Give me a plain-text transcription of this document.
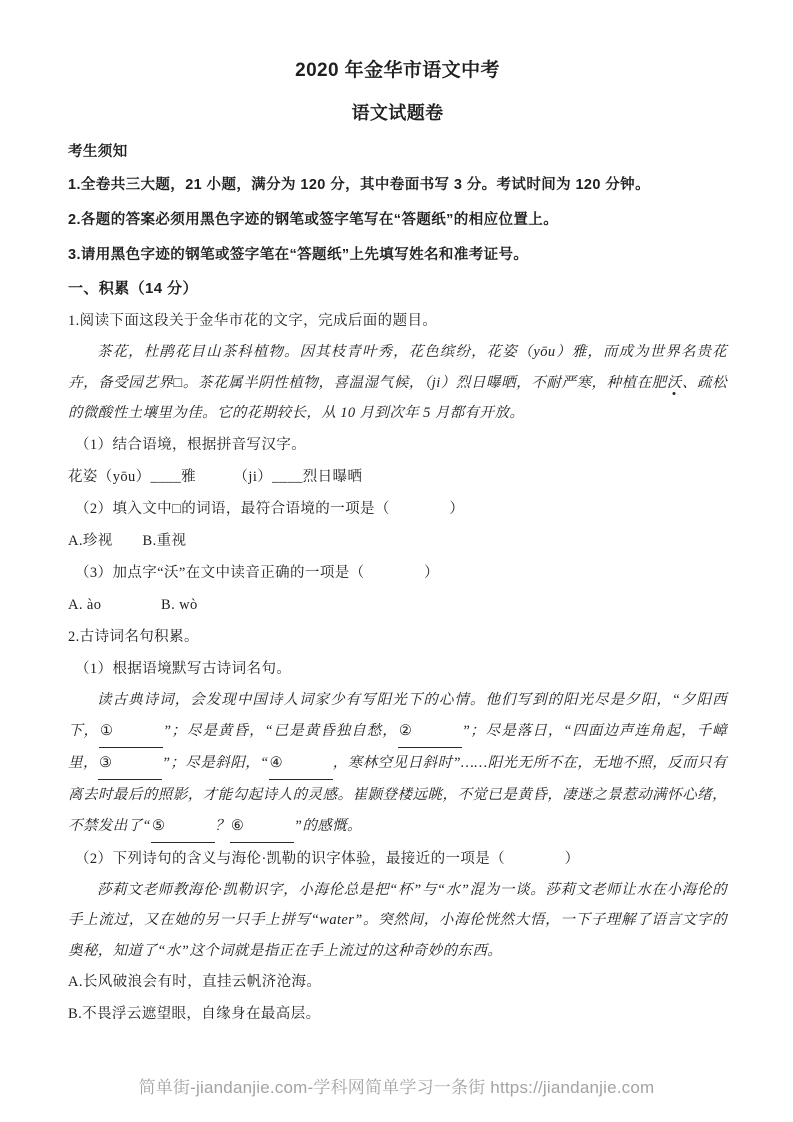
2020 年金华市语文中考
语文试题卷

考生须知

1.全卷共三大题，21 小题，满分为 120 分，其中卷面书写 3 分。考试时间为 120 分钟。

2.各题的答案必须用黑色字迹的钢笔或签字笔写在“答题纸”的相应位置上。

3.请用黑色字迹的钢笔或签字笔在“答题纸”上先填写姓名和准考证号。

一、积累（14 分）

1.阅读下面这段关于金华市花的文字，完成后面的题目。

茶花，杜鹃花目山茶科植物。因其枝青叶秀，花色缤纷，花姿（yōu）雅，而成为世界名贵花卉，备受园艺界□。茶花属半阴性植物，喜温湿气候，（ji）烈日曝晒，不耐严寒，种植在肥沃、疏松的微酸性土壤里为佳。它的花期较长，从 10 月到次年 5 月都有开放。

（1）结合语境，根据拼音写汉字。

花姿（yōu）____雅　　　（ji）____烈日曝晒

（2）填入文中□的词语，最符合语境的一项是（　　　　）

A.珍视　　B.重视

（3）加点字“沃”在文中读音正确的一项是（　　　　）

A. ào　　　　B. wò

2.古诗词名句积累。

（1）根据语境默写古诗词名句。

读古典诗词，会发现中国诗人词家少有写阳光下的心情。他们写到的阳光尽是夕阳，“夕阳西下，①	”；尽是黄昏，“已是黄昏独自愁，②	”；尽是落日，“四面边声连角起，千嶂里，③	”；尽是斜阳，“④	，寒林空见日斜时”……阳光无所不在，无地不照，反而只有离去时最后的照影，才能勾起诗人的灵感。崔颢登楼远眺，不觉已是黄昏，凄迷之景惹动满怀心绪，不禁发出了“⑤	？⑥	”的感慨。

（2）下列诗句的含义与海伦·凯勒的识字体验，最接近的一项是（　　　　）

莎莉文老师教海伦·凯勒识字，小海伦总是把“杯”与“水”混为一谈。莎莉文老师让水在小海伦的手上流过，又在她的另一只手上拼写“water”。突然间，小海伦恍然大悟，一下子理解了语言文字的奥秘，知道了“水”这个词就是指正在手上流过的这种奇妙的东西。

A.长风破浪会有时，直挂云帆济沧海。

B.不畏浮云遮望眼，自缘身在最高层。

简单街-jiandanjie.com-学科网简单学习一条街 https://jiandanjie.com
